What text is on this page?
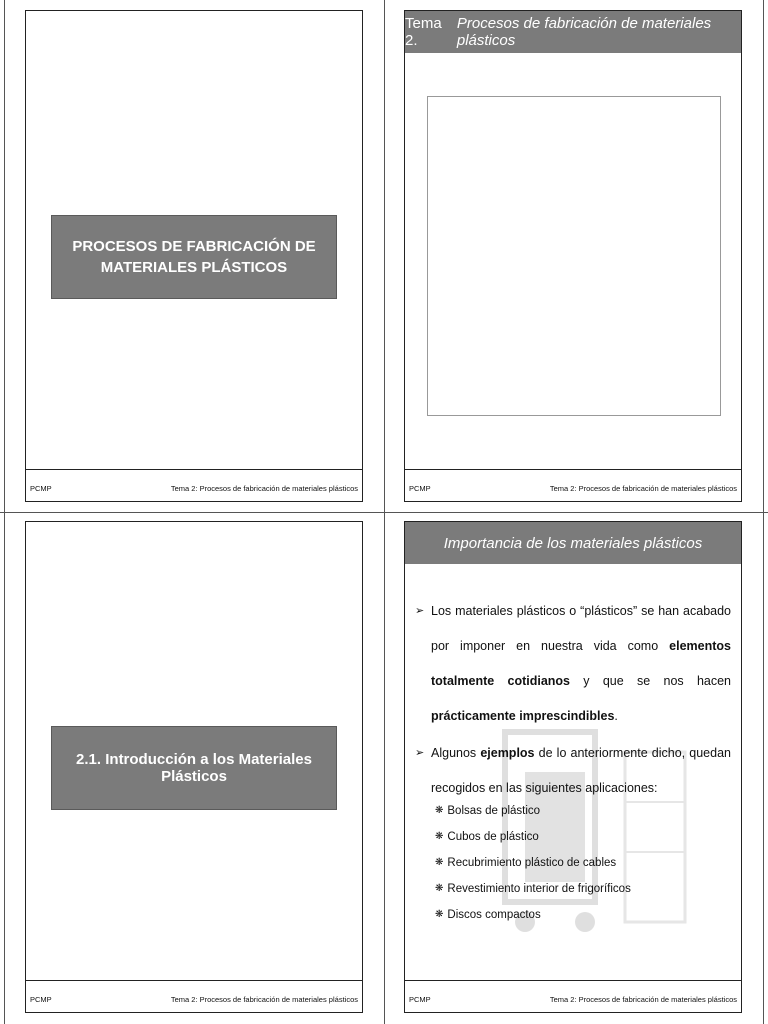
PROCESOS DE FABRICACIÓN DE MATERIALES PLÁSTICOS
PCMP	Tema 2: Procesos de fabricación de materiales plásticos
Tema 2.
Procesos de fabricación de materiales plásticos
PCMP	Tema 2: Procesos de fabricación de materiales plásticos
2.1. Introducción a los Materiales Plásticos
PCMP	Tema 2: Procesos de fabricación de materiales plásticos
Importancia de los materiales plásticos
➢ Los materiales plásticos o “plásticos” se han acabado por imponer en nuestra vida como elementos totalmente cotidianos y que se nos hacen prácticamente imprescindibles.
➢ Algunos ejemplos de lo anteriormente dicho, quedan recogidos en las siguientes aplicaciones:
❋ Bolsas de plástico
❋ Cubos de plástico
❋ Recubrimiento plástico de cables
❋ Revestimiento interior de frigoríficos
❋ Discos compactos
PCMP	Tema 2: Procesos de fabricación de materiales plásticos
